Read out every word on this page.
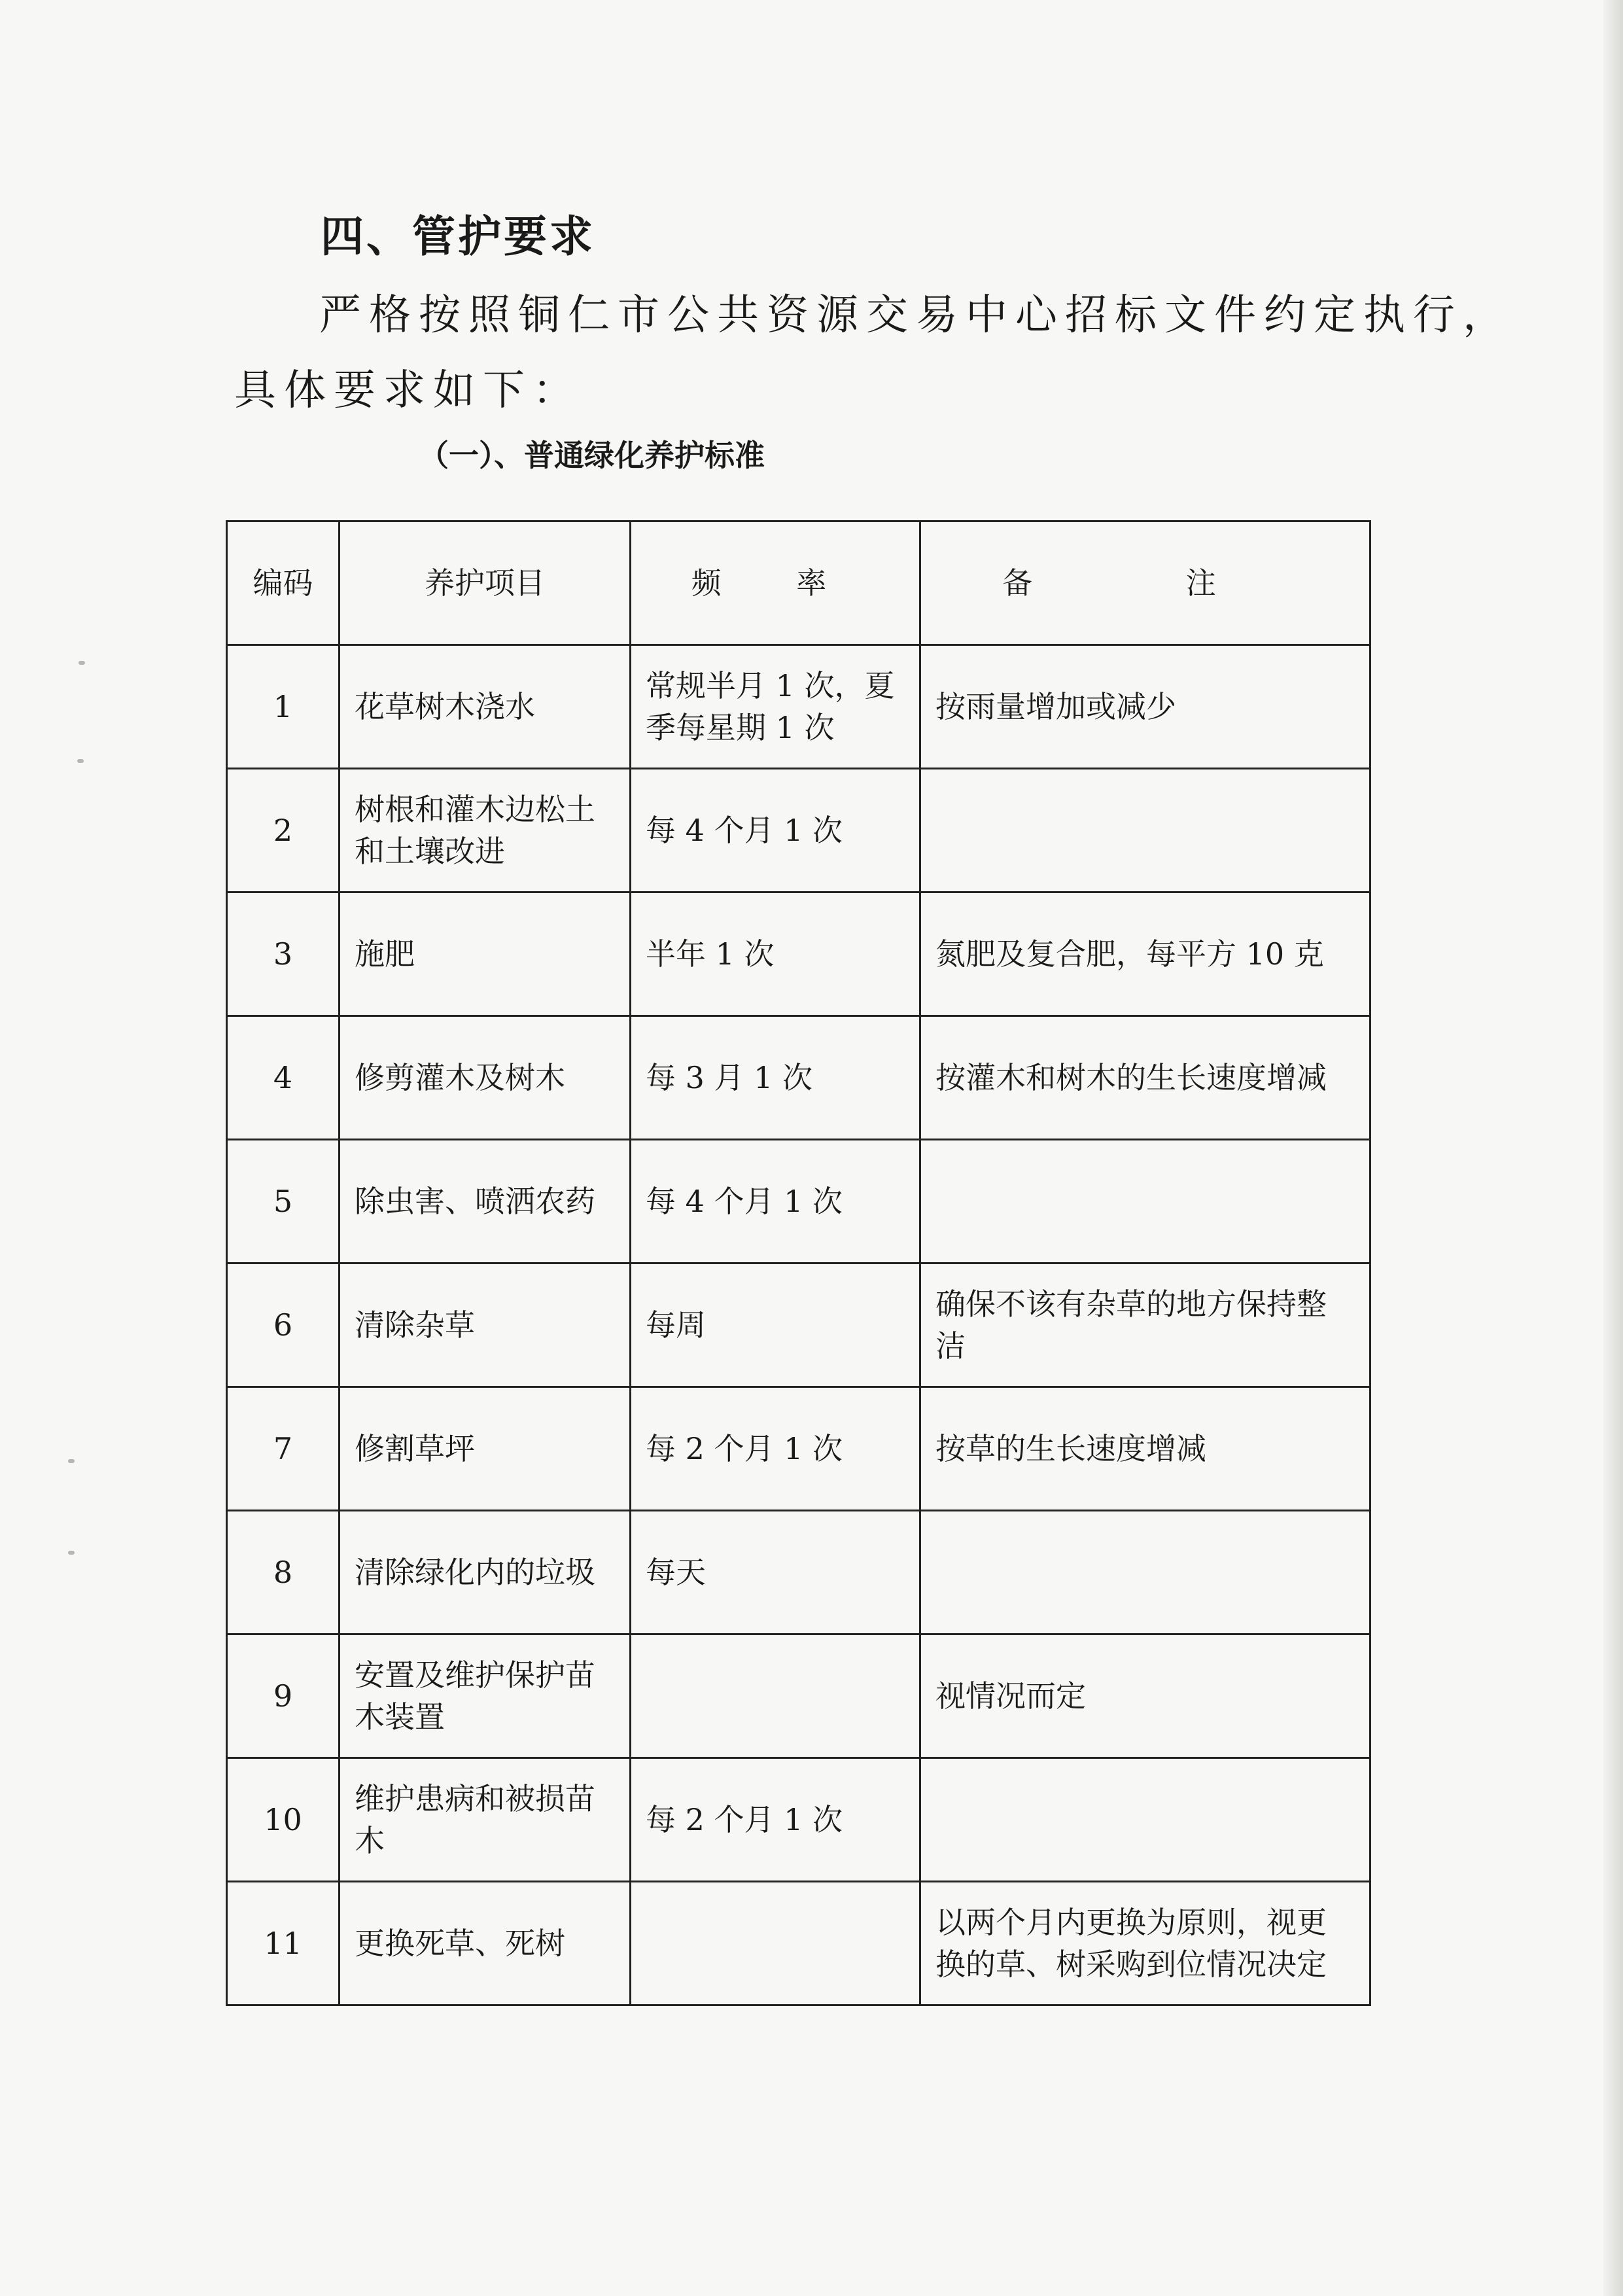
四、管护要求
严格按照铜仁市公共资源交易中心招标文件约定执行，
具体要求如下：
（一）、普通绿化养护标准
编码	养护项目	频 率	备 注
1	花草树木浇水	常规半月 1 次，夏季每星期 1 次	按雨量增加或减少
2	树根和灌木边松土和土壤改进	每 4 个月 1 次	
3	施肥	半年 1 次	氮肥及复合肥，每平方 10 克
4	修剪灌木及树木	每 3 月 1 次	按灌木和树木的生长速度增减
5	除虫害、喷洒农药	每 4 个月 1 次	
6	清除杂草	每周	确保不该有杂草的地方保持整洁
7	修割草坪	每 2 个月 1 次	按草的生长速度增减
8	清除绿化内的垃圾	每天	
9	安置及维护保护苗木装置		视情况而定
10	维护患病和被损苗木	每 2 个月 1 次	
11	更换死草、死树		以两个月内更换为原则，视更换的草、树采购到位情况决定
